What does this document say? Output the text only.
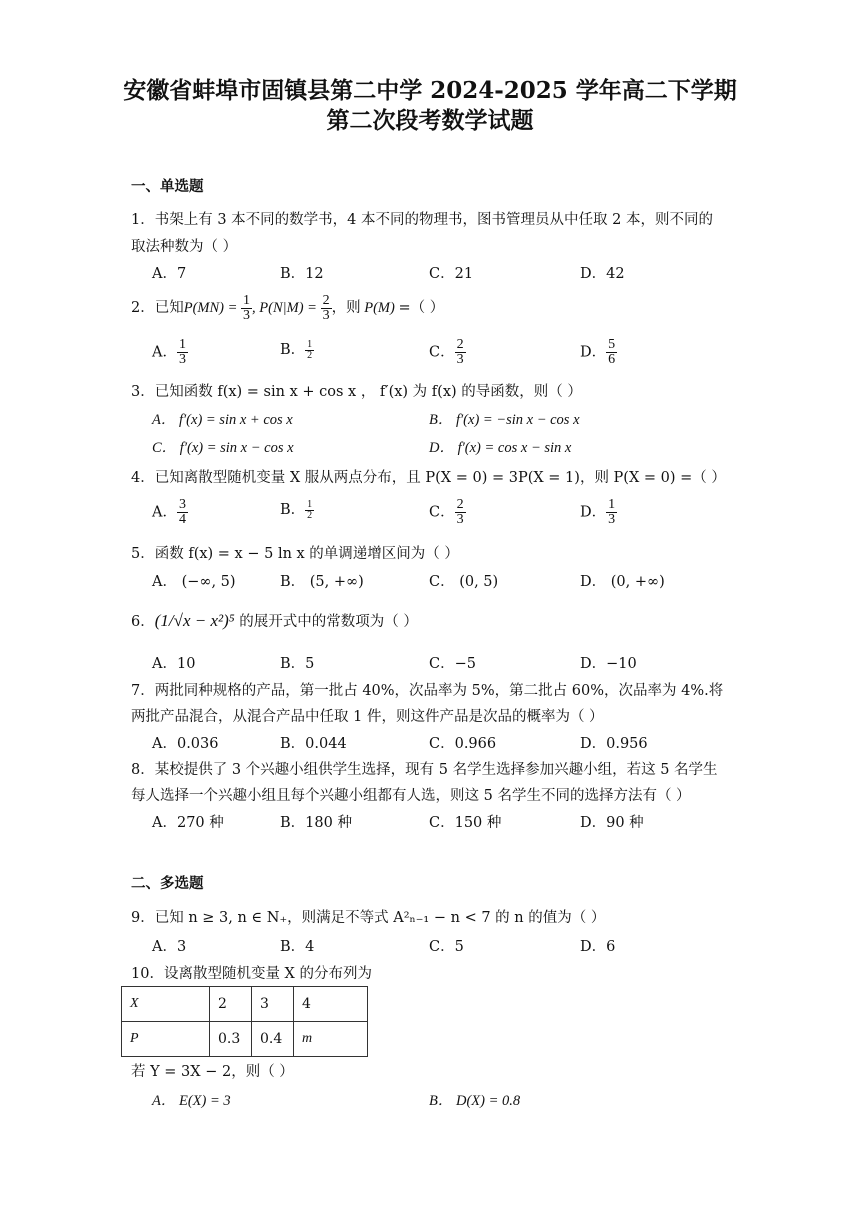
安徽省蚌埠市固镇县第二中学 2024-2025 学年高二下学期
第二次段考数学试题
一、单选题
1．书架上有 3 本不同的数学书，4 本不同的物理书，图书管理员从中任取 2 本，则不同的
取法种数为（ ）
A．7	B．12	C．21	D．42
2．已知$P(MN) = \frac{1}{3}$ , $P(N|M) = \frac{2}{3}$ ，则 P(M) =（ ）
A． $\frac{1}{3}$	B． $\frac{1}{2}$	C． $\frac{2}{3}$	D． $\frac{5}{6}$
3．已知函数 f(x) = sin x + cos x ， f′(x) 为 f(x) 的导函数，则（ ）
A． f′(x) = sin x + cos x	B． f′(x) = −sin x − cos x
C． f′(x) = sin x − cos x	D． f′(x) = cos x − sin x
4．已知离散型随机变量 X 服从两点分布，且 P(X = 0) = 3P(X = 1)，则 P(X = 0) =（ ）
A． $\frac{3}{4}$	B． $\frac{1}{2}$	C． $\frac{2}{3}$	D． $\frac{1}{3}$
5．函数 f(x) = x − 5 ln x 的单调递增区间为（ ）
A． (−∞, 5)	B． (5, +∞)	C． (0, 5)	D． (0, +∞)
6．(1/√x − x²)⁵ 的展开式中的常数项为（ ）
A．10	B．5	C．−5	D．−10
7．两批同种规格的产品，第一批占 40%，次品率为 5%，第二批占 60%，次品率为 4%.将
两批产品混合，从混合产品中任取 1 件，则这件产品是次品的概率为（ ）
A．0.036	B．0.044	C．0.966	D．0.956
8．某校提供了 3 个兴趣小组供学生选择，现有 5 名学生选择参加兴趣小组，若这 5 名学生
每人选择一个兴趣小组且每个兴趣小组都有人选，则这 5 名学生不同的选择方法有（ ）
A．270 种	B．180 种	C．150 种	D．90 种
二、多选题
9．已知 n ≥ 3, n ∈ N₊，则满足不等式 A²ₙ₋₁ − n < 7 的 n 的值为（ ）
A．3	B．4	C．5	D．6
10．设离散型随机变量 X 的分布列为
X	2	3	4
P	0.3	0.4	m
若 Y = 3X − 2，则（ ）
A． E(X) = 3	B． D(X) = 0.8
